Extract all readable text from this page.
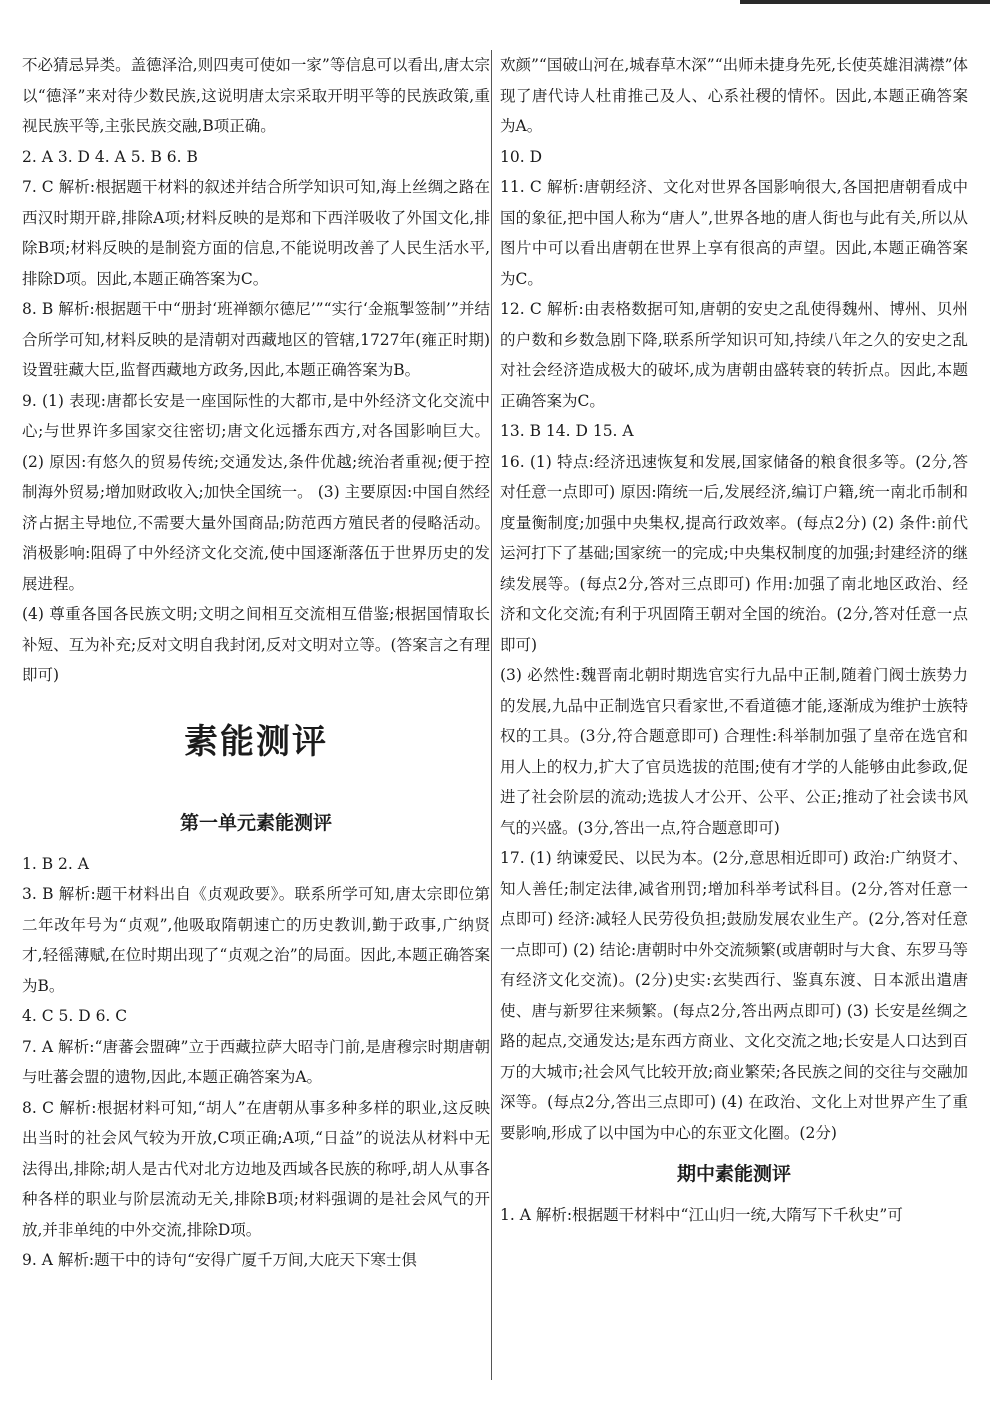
不必猜忌异类。盖德泽洽,则四夷可使如一家”等信息可以看出,唐太宗以“德泽”来对待少数民族,这说明唐太宗采取开明平等的民族政策,重视民族平等,主张民族交融,B项正确。

2. A 3. D 4. A 5. B 6. B

7. C 解析:根据题干材料的叙述并结合所学知识可知,海上丝绸之路在西汉时期开辟,排除A项;材料反映的是郑和下西洋吸收了外国文化,排除B项;材料反映的是制瓷方面的信息,不能说明改善了人民生活水平,排除D项。因此,本题正确答案为C。

8. B 解析:根据题干中“册封‘班禅额尔德尼’”“实行‘金瓶掣签制’”并结合所学可知,材料反映的是清朝对西藏地区的管辖,1727年(雍正时期)设置驻藏大臣,监督西藏地方政务,因此,本题正确答案为B。

9. (1) 表现:唐都长安是一座国际性的大都市,是中外经济文化交流中心;与世界许多国家交往密切;唐文化远播东西方,对各国影响巨大。 (2) 原因:有悠久的贸易传统;交通发达,条件优越;统治者重视;便于控制海外贸易;增加财政收入;加快全国统一。 (3) 主要原因:中国自然经济占据主导地位,不需要大量外国商品;防范西方殖民者的侵略活动。 消极影响:阻碍了中外经济文化交流,使中国逐渐落伍于世界历史的发展进程。

(4) 尊重各国各民族文明;文明之间相互交流相互借鉴;根据国情取长补短、互为补充;反对文明自我封闭,反对文明对立等。(答案言之有理即可)

素能测评
第一单元素能测评

1. B 2. A

3. B 解析:题干材料出自《贞观政要》。联系所学可知,唐太宗即位第二年改年号为“贞观”,他吸取隋朝速亡的历史教训,勤于政事,广纳贤才,轻徭薄赋,在位时期出现了“贞观之治”的局面。因此,本题正确答案为B。

4. C 5. D 6. C

7. A 解析:“唐蕃会盟碑”立于西藏拉萨大昭寺门前,是唐穆宗时期唐朝与吐蕃会盟的遗物,因此,本题正确答案为A。

8. C 解析:根据材料可知,“胡人”在唐朝从事多种多样的职业,这反映出当时的社会风气较为开放,C项正确;A项,“日益”的说法从材料中无法得出,排除;胡人是古代对北方边地及西域各民族的称呼,胡人从事各种各样的职业与阶层流动无关,排除B项;材料强调的是社会风气的开放,并非单纯的中外交流,排除D项。

9. A 解析:题干中的诗句“安得广厦千万间,大庇天下寒士俱

欢颜”“国破山河在,城春草木深”“出师未捷身先死,长使英雄泪满襟”体现了唐代诗人杜甫推己及人、心系社稷的情怀。因此,本题正确答案为A。

10. D

11. C 解析:唐朝经济、文化对世界各国影响很大,各国把唐朝看成中国的象征,把中国人称为“唐人”,世界各地的唐人街也与此有关,所以从图片中可以看出唐朝在世界上享有很高的声望。因此,本题正确答案为C。

12. C 解析:由表格数据可知,唐朝的安史之乱使得魏州、博州、贝州的户数和乡数急剧下降,联系所学知识可知,持续八年之久的安史之乱对社会经济造成极大的破坏,成为唐朝由盛转衰的转折点。因此,本题正确答案为C。

13. B 14. D 15. A

16. (1) 特点:经济迅速恢复和发展,国家储备的粮食很多等。(2分,答对任意一点即可) 原因:隋统一后,发展经济,编订户籍,统一南北币制和度量衡制度;加强中央集权,提高行政效率。(每点2分) (2) 条件:前代运河打下了基础;国家统一的完成;中央集权制度的加强;封建经济的继续发展等。(每点2分,答对三点即可) 作用:加强了南北地区政治、经济和文化交流;有利于巩固隋王朝对全国的统治。(2分,答对任意一点即可)

(3) 必然性:魏晋南北朝时期选官实行九品中正制,随着门阀士族势力的发展,九品中正制选官只看家世,不看道德才能,逐渐成为维护士族特权的工具。(3分,符合题意即可) 合理性:科举制加强了皇帝在选官和用人上的权力,扩大了官员选拔的范围;使有才学的人能够由此参政,促进了社会阶层的流动;选拔人才公开、公平、公正;推动了社会读书风气的兴盛。(3分,答出一点,符合题意即可)

17. (1) 纳谏爱民、以民为本。(2分,意思相近即可) 政治:广纳贤才、知人善任;制定法律,减省刑罚;增加科举考试科目。(2分,答对任意一点即可) 经济:减轻人民劳役负担;鼓励发展农业生产。(2分,答对任意一点即可) (2) 结论:唐朝时中外交流频繁(或唐朝时与大食、东罗马等有经济文化交流)。(2分)史实:玄奘西行、鉴真东渡、日本派出遣唐使、唐与新罗往来频繁。(每点2分,答出两点即可) (3) 长安是丝绸之路的起点,交通发达;是东西方商业、文化交流之地;长安是人口达到百万的大城市;社会风气比较开放;商业繁荣;各民族之间的交往与交融加深等。(每点2分,答出三点即可) (4) 在政治、文化上对世界产生了重要影响,形成了以中国为中心的东亚文化圈。(2分)

期中素能测评

1. A 解析:根据题干材料中“江山归一统,大隋写下千秋史”可
